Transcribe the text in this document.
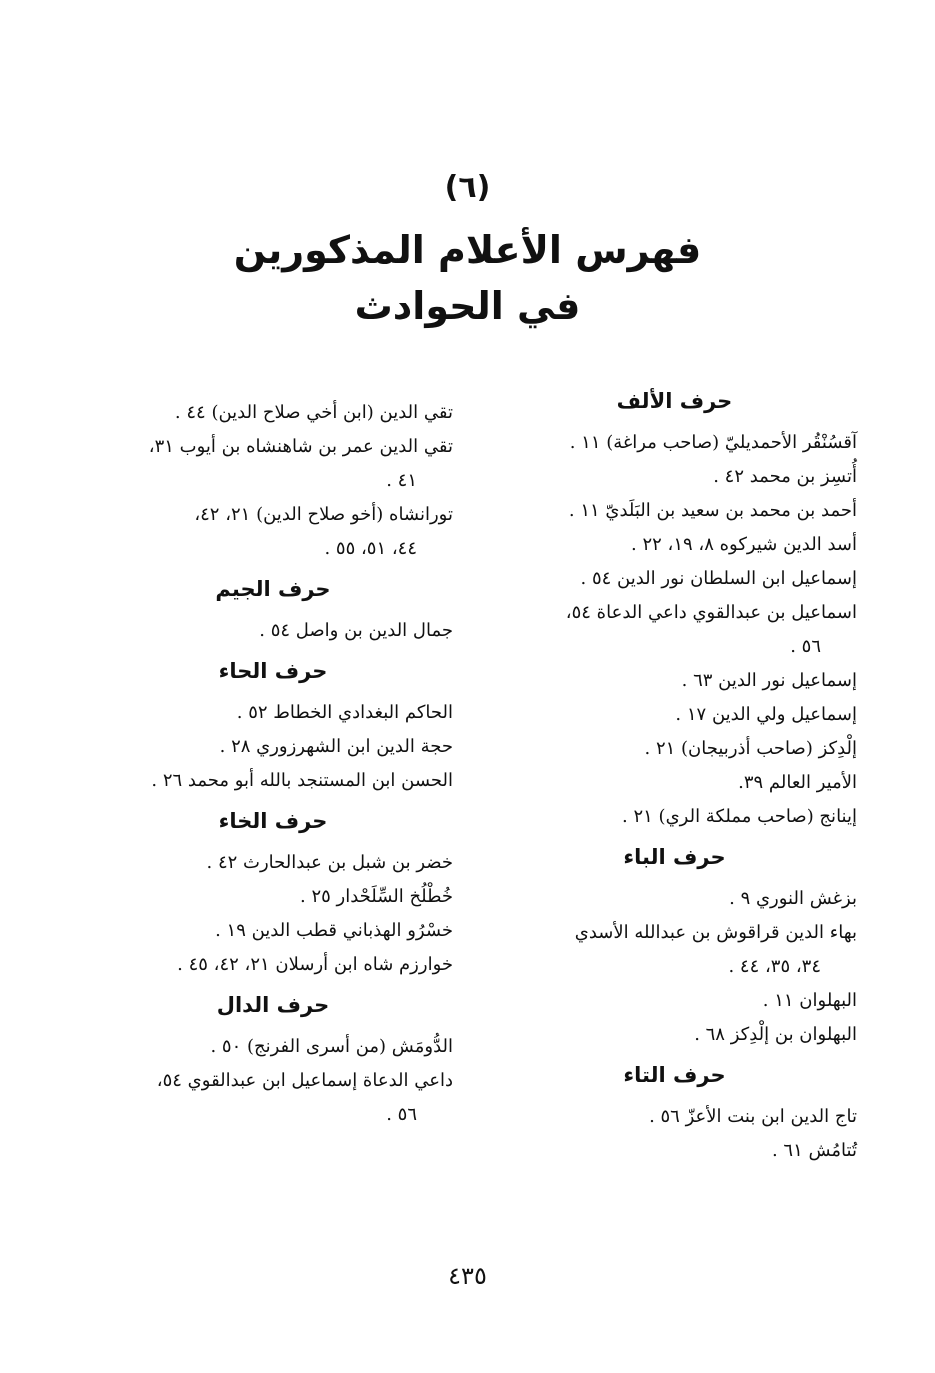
(٦)
فهرس الأعلام المذكورين
في الحوادث
حرف الألف
آقسُنْقُر الأحمديليّ (صاحب مراغة) ١١ .
أُتسِز بن محمد ٤٢ .
أحمد بن محمد بن سعيد بن البَلَديّ ١١ .
أسد الدين شيركوه ٨، ١٩، ٢٢ .
إسماعيل ابن السلطان نور الدين ٥٤ .
اسماعيل بن عبدالقوي داعي الدعاة ٥٤،
٥٦ .
إسماعيل نور الدين ٦٣ .
إسماعيل ولي الدين ١٧ .
إلْدِكز (صاحب أذربيجان) ٢١ .
الأمير العالم ٣٩.
إينانج (صاحب مملكة الري) ٢١ .
حرف الباء
بزغش النوري ٩ .
بهاء الدين قراقوش بن عبدالله الأسدي
٣٤، ٣٥، ٤٤ .
البهلوان ١١ .
البهلوان بن إلْدِكز ٦٨ .
حرف التاء
تاج الدين ابن بنت الأعزّ ٥٦ .
تُتامُش ٦١ .
تقي الدين (ابن أخي صلاح الدين) ٤٤ .
تقي الدين عمر بن شاهنشاه بن أيوب ٣١،
٤١ .
تورانشاه (أخو صلاح الدين) ٢١، ٤٢،
٤٤، ٥١، ٥٥ .
حرف الجيم
جمال الدين بن واصل ٥٤ .
حرف الحاء
الحاكم البغدادي الخطاط ٥٢ .
حجة الدين ابن الشهرزوري ٢٨ .
الحسن ابن المستنجد بالله أبو محمد ٢٦ .
حرف الخاء
خضر بن شبل بن عبدالحارث ٤٢ .
خُطْلُخ السِّلَحْدار ٢٥ .
خسْرُو الهذباني قطب الدين ١٩ .
خوارزم شاه ابن أرسلان ٢١، ٤٢، ٤٥ .
حرف الدال
الدُّومَش (من أسرى الفرنج) ٥٠ .
داعي الدعاة إسماعيل ابن عبدالقوي ٥٤،
٥٦ .
٤٣٥
